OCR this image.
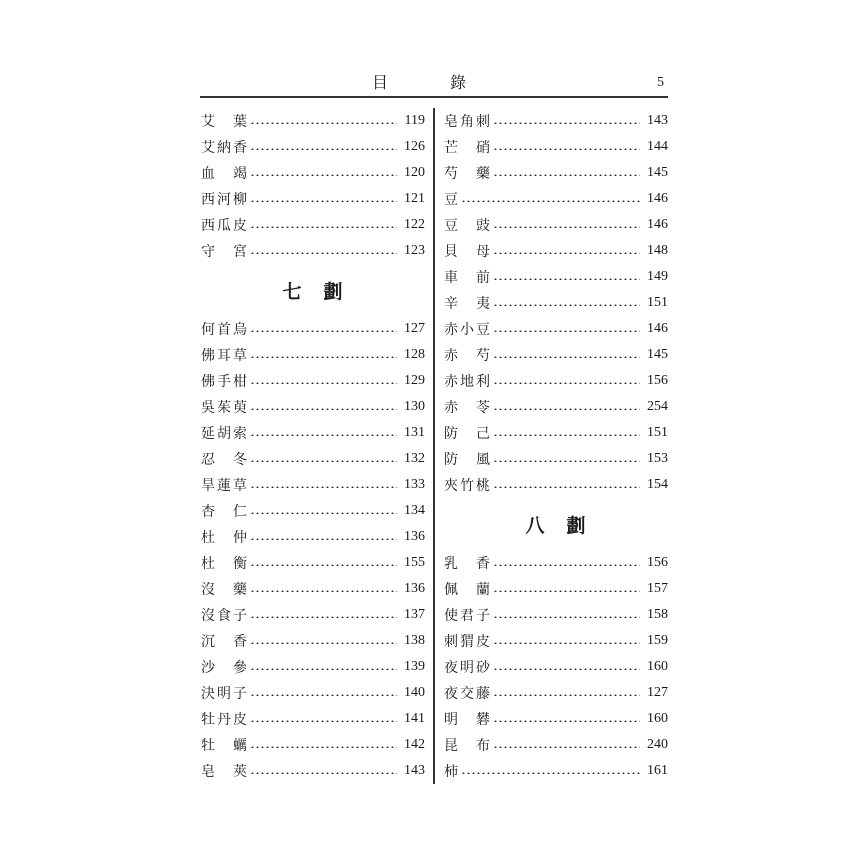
目	錄	5
艾 葉	119
艾 納 香	126
血 竭	120
西 河 柳	121
西 瓜 皮	122
守 宮	123
七 劃
何 首 烏	127
佛 耳 草	128
佛 手 柑	129
吳 茱 萸	130
延 胡 索	131
忍 冬	132
旱 蓮 草	133
杏 仁	134
杜 仲	136
杜 衡	155
沒 藥	136
沒 食 子	137
沉 香	138
沙 參	139
決 明 子	140
牡 丹 皮	141
牡 蠣	142
皂 莢	143
皂 角 刺	143
芒 硝	144
芍 藥	145
豆	146
豆 豉	146
貝 母	148
車 前	149
辛 夷	151
赤 小 豆	146
赤 芍	145
赤 地 利	156
赤 苓	254
防 己	151
防 風	153
夾 竹 桃	154
八 劃
乳 香	156
佩 蘭	157
使 君 子	158
刺 猬 皮	159
夜 明 砂	160
夜 交 藤	127
明 礬	160
昆 布	240
柿	161
